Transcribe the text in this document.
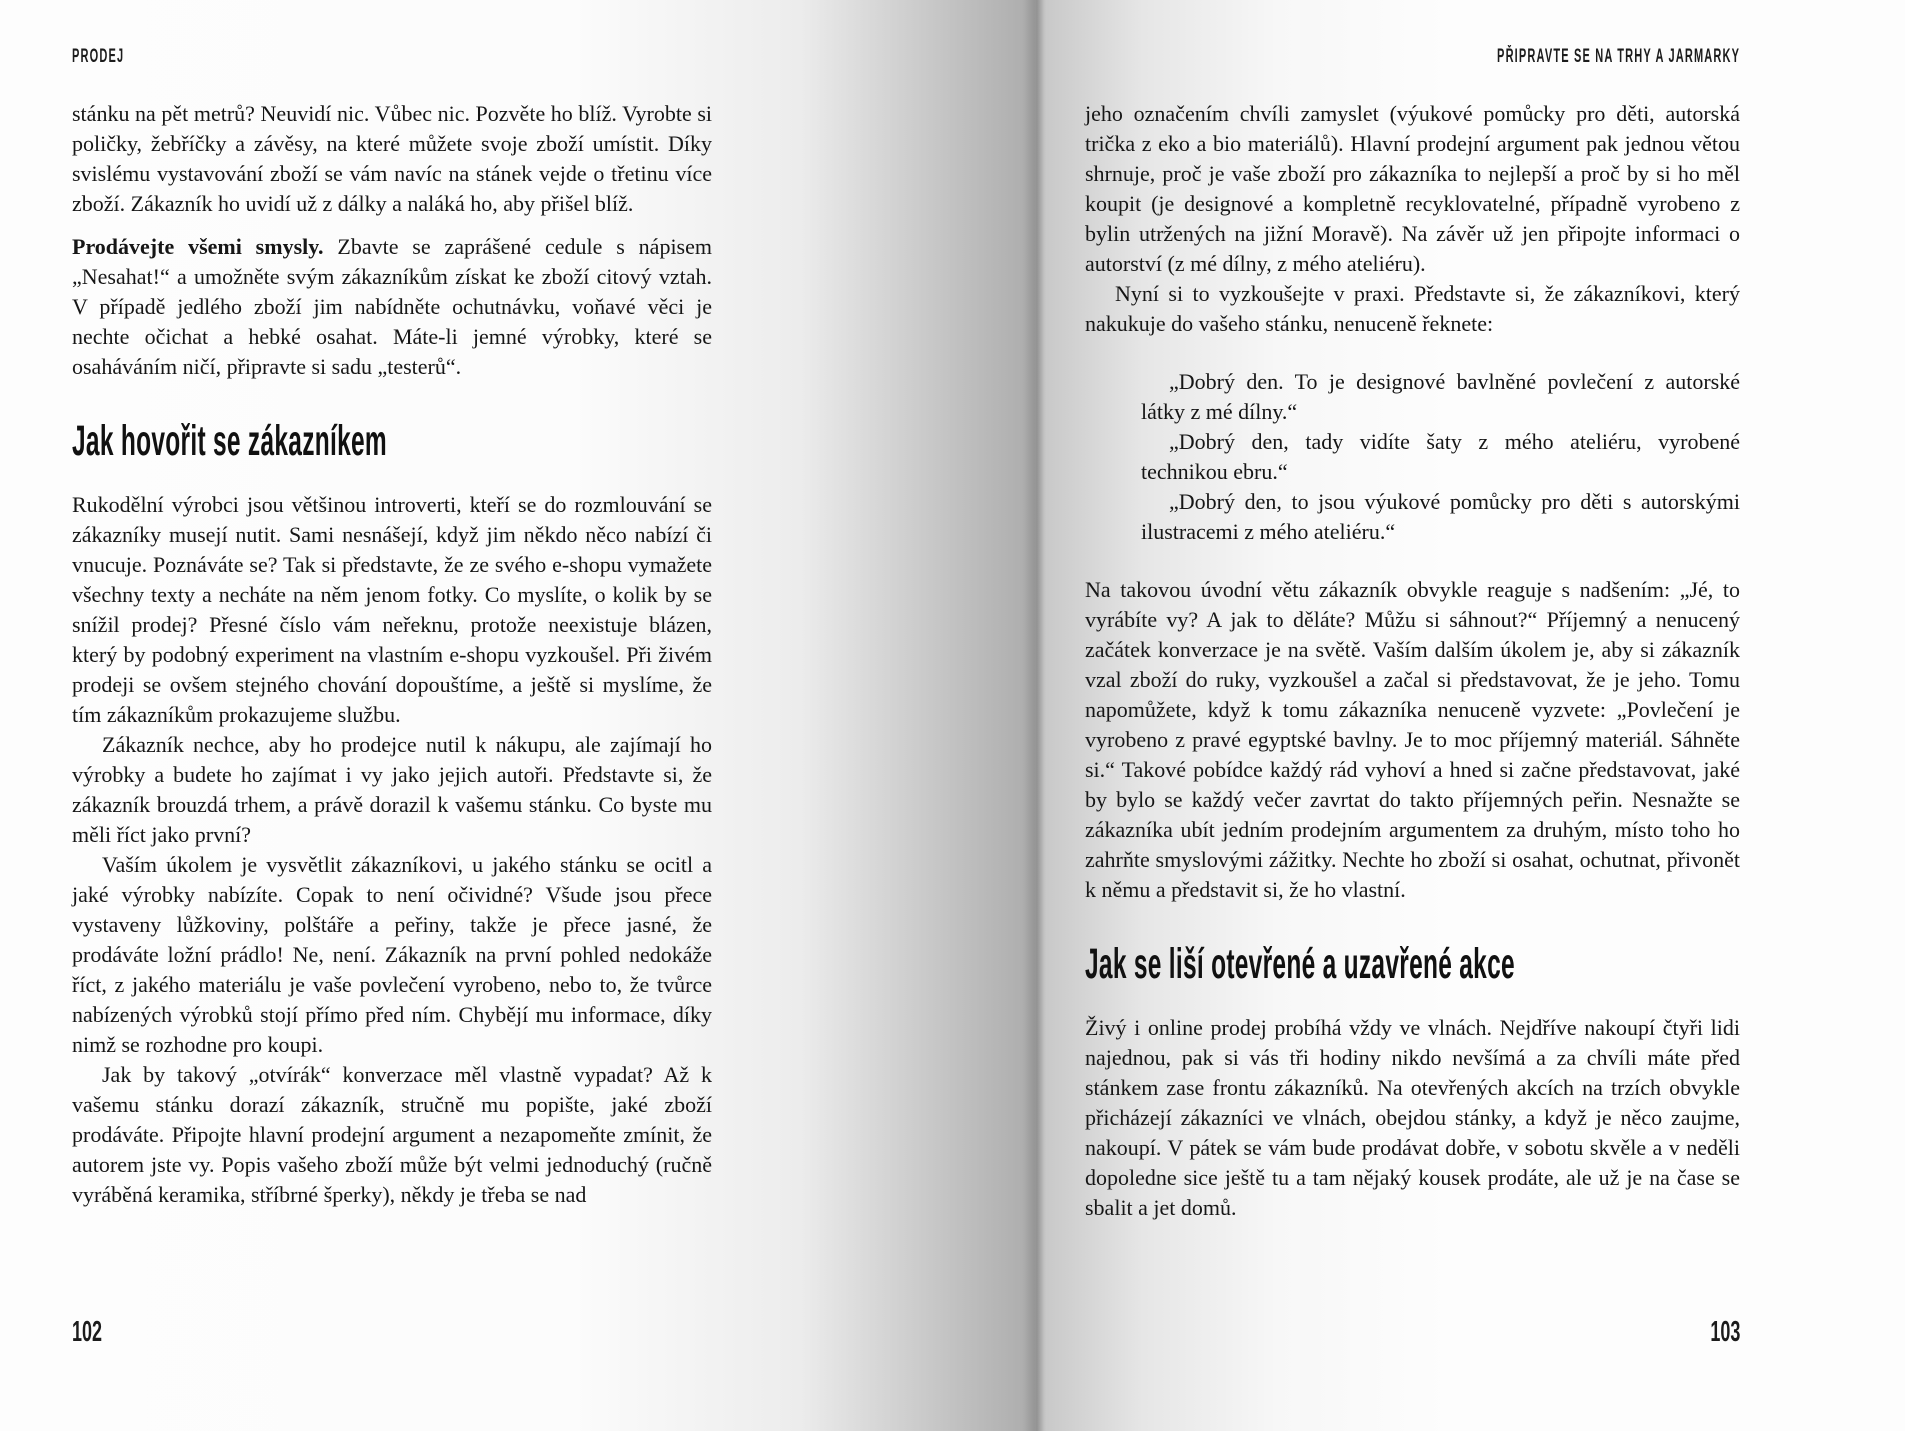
PRODEJ

stánku na pět metrů? Neuvidí nic. Vůbec nic. Pozvěte ho blíž. Vyrobte si poličky, žebříčky a závěsy, na které můžete svoje zboží umístit. Díky svislému vystavování zboží se vám navíc na stánek vejde o třetinu více zboží. Zákazník ho uvidí už z dálky a naláká ho, aby přišel blíž.

Prodávejte všemi smysly. Zbavte se zaprášené cedule s nápisem „Nesahat!“ a umožněte svým zákazníkům získat ke zboží citový vztah. V případě jedlého zboží jim nabídněte ochutnávku, voňavé věci je nechte očichat a hebké osahat. Máte-li jemné výrobky, které se osaháváním ničí, připravte si sadu „testerů“.

Jak hovořit se zákazníkem

Rukodělní výrobci jsou většinou introverti, kteří se do rozmlouvání se zákazníky musejí nutit. Sami nesnášejí, když jim někdo něco nabízí či vnucuje. Poznáváte se? Tak si představte, že ze svého e-shopu vymažete všechny texty a necháte na něm jenom fotky. Co myslíte, o kolik by se snížil prodej? Přesné číslo vám neřeknu, protože neexistuje blázen, který by podobný experiment na vlastním e-shopu vyzkoušel. Při živém prodeji se ovšem stejného chování dopouštíme, a ještě si myslíme, že tím zákazníkům prokazujeme službu.

Zákazník nechce, aby ho prodejce nutil k nákupu, ale zajímají ho výrobky a budete ho zajímat i vy jako jejich autoři. Představte si, že zákazník brouzdá trhem, a právě dorazil k vašemu stánku. Co byste mu měli říct jako první?

Vaším úkolem je vysvětlit zákazníkovi, u jakého stánku se ocitl a jaké výrobky nabízíte. Copak to není očividné? Všude jsou přece vystaveny lůžkoviny, polštáře a peřiny, takže je přece jasné, že prodáváte ložní prádlo! Ne, není. Zákazník na první pohled nedokáže říct, z jakého materiálu je vaše povlečení vyrobeno, nebo to, že tvůrce nabízených výrobků stojí přímo před ním. Chybějí mu informace, díky nimž se rozhodne pro koupi.

Jak by takový „otvírák“ konverzace měl vlastně vypadat? Až k vašemu stánku dorazí zákazník, stručně mu popište, jaké zboží prodáváte. Připojte hlavní prodejní argument a nezapomeňte zmínit, že autorem jste vy. Popis vašeho zboží může být velmi jednoduchý (ručně vyráběná keramika, stříbrné šperky), někdy je třeba se nad

102
PŘIPRAVTE SE NA TRHY A JARMARKY

jeho označením chvíli zamyslet (výukové pomůcky pro děti, autorská trička z eko a bio materiálů). Hlavní prodejní argument pak jednou větou shrnuje, proč je vaše zboží pro zákazníka to nejlepší a proč by si ho měl koupit (je designové a kompletně recyklovatelné, případně vyrobeno z bylin utržených na jižní Moravě). Na závěr už jen připojte informaci o autorství (z mé dílny, z mého ateliéru).

Nyní si to vyzkoušejte v praxi. Představte si, že zákazníkovi, který nakukuje do vašeho stánku, nenuceně řeknete:

„Dobrý den. To je designové bavlněné povlečení z autorské látky z mé dílny.“

„Dobrý den, tady vidíte šaty z mého ateliéru, vyrobené technikou ebru.“

„Dobrý den, to jsou výukové pomůcky pro děti s autorskými ilustracemi z mého ateliéru.“

Na takovou úvodní větu zákazník obvykle reaguje s nadšením: „Jé, to vyrábíte vy? A jak to děláte? Můžu si sáhnout?“ Příjemný a nenucený začátek konverzace je na světě. Vaším dalším úkolem je, aby si zákazník vzal zboží do ruky, vyzkoušel a začal si představovat, že je jeho. Tomu napomůžete, když k tomu zákazníka nenuceně vyzvete: „Povlečení je vyrobeno z pravé egyptské bavlny. Je to moc příjemný materiál. Sáhněte si.“ Takové pobídce každý rád vyhoví a hned si začne představovat, jaké by bylo se každý večer zavrtat do takto příjemných peřin. Nesnažte se zákazníka ubít jedním prodejním argumentem za druhým, místo toho ho zahrňte smyslovými zážitky. Nechte ho zboží si osahat, ochutnat, přivonět k němu a představit si, že ho vlastní.

Jak se liší otevřené a uzavřené akce

Živý i online prodej probíhá vždy ve vlnách. Nejdříve nakoupí čtyři lidi najednou, pak si vás tři hodiny nikdo nevšímá a za chvíli máte před stánkem zase frontu zákazníků. Na otevřených akcích na trzích obvykle přicházejí zákazníci ve vlnách, obejdou stánky, a když je něco zaujme, nakoupí. V pátek se vám bude prodávat dobře, v sobotu skvěle a v neděli dopoledne sice ještě tu a tam nějaký kousek prodáte, ale už je na čase se sbalit a jet domů.

103
